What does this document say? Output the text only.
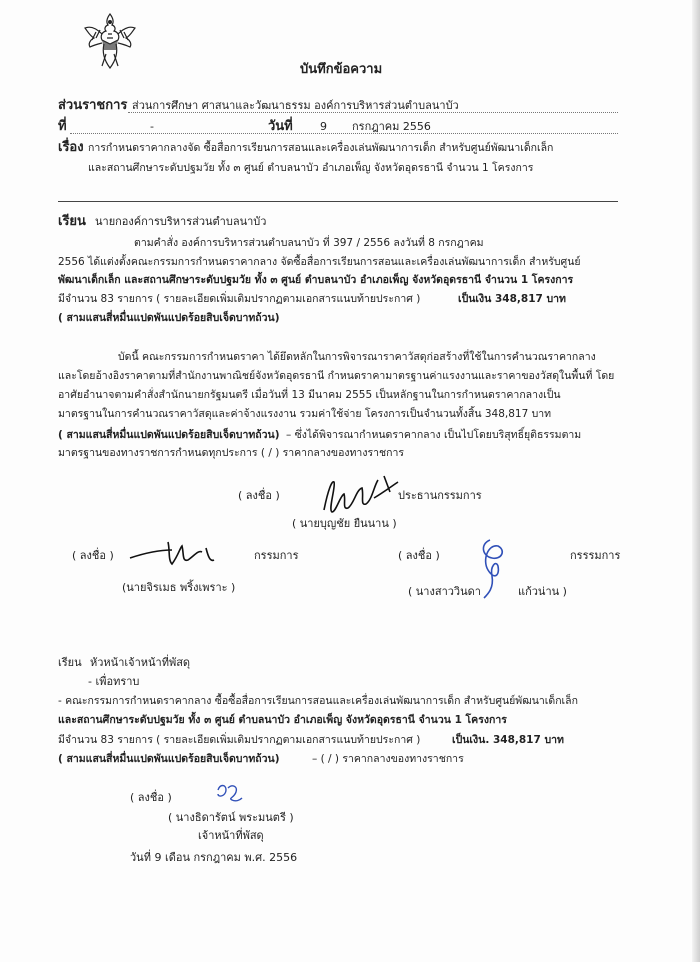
บันทึกข้อความ
ส่วนราชการ ส่วนการศึกษา ศาสนาและวัฒนาธรรม องค์การบริหารส่วนตำบลนาบัว
ที่	-	วันที่ 9 กรกฎาคม 2556
เรื่อง การกำหนดราคากลางจัด ซื้อสื่อการเรียนการสอนและเครื่องเล่นพัฒนาการเด็ก สำหรับศูนย์พัฒนาเด็กเล็ก
และสถานศึกษาระดับปฐมวัย ทั้ง ๓ ศูนย์ ตำบลนาบัว อำเภอเพ็ญ จังหวัดอุดรธานี จำนวน 1 โครงการ
เรียน นายกองค์การบริหารส่วนตำบลนาบัว
ตามคำสั่ง องค์การบริหารส่วนตำบลนาบัว ที่ 397 / 2556 ลงวันที่ 8 กรกฎาคม
2556 ได้แต่งตั้งคณะกรรมการกำหนดราคากลาง จัดซื้อสื่อการเรียนการสอนและเครื่องเล่นพัฒนาการเด็ก สำหรับศูนย์
พัฒนาเด็กเล็ก และสถานศึกษาระดับปฐมวัย ทั้ง ๓ ศูนย์ ตำบลนาบัว อำเภอเพ็ญ จังหวัดอุดรธานี จำนวน 1 โครงการ
มีจำนวน 83 รายการ ( รายละเอียดเพิ่มเติมปรากฏตามเอกสารแนบท้ายประกาศ )	เป็นเงิน 348,817 บาท
( สามแสนสี่หมื่นแปดพันแปดร้อยสิบเจ็ดบาทถ้วน)
บัดนี้ คณะกรรมการกำหนดราคา ได้ยึดหลักในการพิจารณาราคาวัสดุก่อสร้างที่ใช้ในการคำนวณราคากลาง
และโดยอ้างอิงราคาตามที่สำนักงานพาณิชย์จังหวัดอุดรธานี กำหนดราคามาตรฐานค่าแรงงานและราคาของวัสดุในพื้นที่ โดย
อาศัยอำนาจตามคำสั่งสำนักนายกรัฐมนตรี เมื่อวันที่ 13 มีนาคม 2555 เป็นหลักฐานในการกำหนดราคากลางเป็น
มาตรฐานในการคำนวณราคาวัสดุและค่าจ้างแรงงาน รวมค่าใช้จ่าย โครงการเป็นจำนวนทั้งสิ้น 348,817 บาท
( สามแสนสี่หมื่นแปดพันแปดร้อยสิบเจ็ดบาทถ้วน) – ซึ่งได้พิจารณากำหนดราคากลาง เป็นไปโดยบริสุทธิ์ยุติธรรมตาม
มาตรฐานของทางราชการกำหนดทุกประการ ( / ) ราคากลางของทางราชการ
( ลงชื่อ )	ประธานกรรมการ
( นายบุญชัย ยืนนาน )
( ลงชื่อ )	กรรมการ
(นายจิรเมธ พริ้งเพราะ )
( ลงชื่อ )	กรรรมการ
( นางสาววินดา	แก้วน่าน )
เรียน หัวหน้าเจ้าหน้าที่พัสดุ
- เพื่อทราบ
- คณะกรรมการกำหนดราคากลาง ซื้อซื้อสื่อการเรียนการสอนและเครื่องเล่นพัฒนาการเด็ก สำหรับศูนย์พัฒนาเด็กเล็ก
และสถานศึกษาระดับปฐมวัย ทั้ง ๓ ศูนย์ ตำบลนาบัว อำเภอเพ็ญ จังหวัดอุดรธานี จำนวน 1 โครงการ
มีจำนวน 83 รายการ ( รายละเอียดเพิ่มเติมปรากฏตามเอกสารแนบท้ายประกาศ )	เป็นเงิน. 348,817 บาท
( สามแสนสี่หมื่นแปดพันแปดร้อยสิบเจ็ดบาทถ้วน)	– ( / ) ราคากลางของทางราชการ
( ลงชื่อ )
( นางธิดารัตน์ พระมนตรี )
เจ้าหน้าที่พัสดุ
วันที่ 9 เดือน กรกฎาคม พ.ศ. 2556
